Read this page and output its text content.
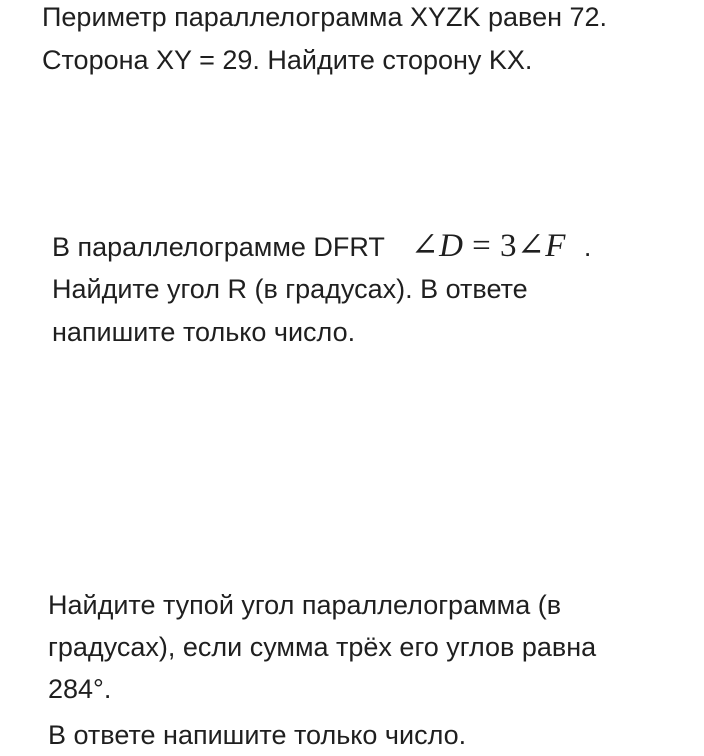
Периметр параллелограмма XYZK равен 72.
Сторона XY = 29. Найдите сторону KX.
В параллелограмме DFRT ∠D = 3∠F .
Найдите угол R (в градусах). В ответе
напишите только число.
Найдите тупой угол параллелограмма (в
градусах), если сумма трёх его углов равна
284°.
В ответе напишите только число.
